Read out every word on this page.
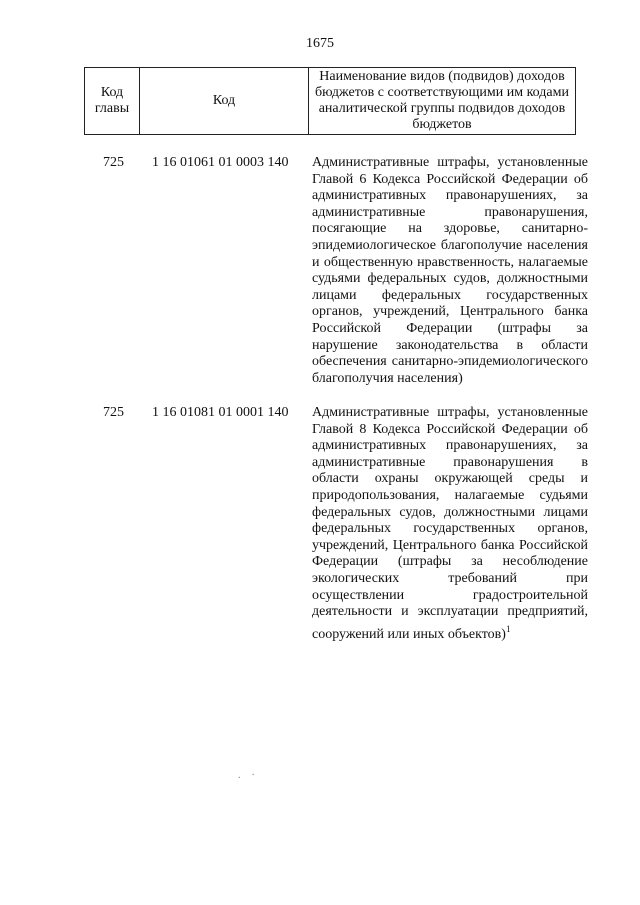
1675
Код главы	Код	Наименование видов (подвидов) доходов бюджетов с соответствующими им кодами аналитической группы подвидов доходов бюджетов
725	1 16 01061 01 0003 140 Административные штрафы, установленные Главой 6 Кодекса Российской Федерации об административных правонарушениях, за административные правонарушения, посягающие на здоровье, санитарно-эпидемиологическое благополучие населения и общественную нравственность, налагаемые судьями федеральных судов, должностными лицами федеральных государственных органов, учреждений, Центрального банка Российской Федерации (штрафы за нарушение законодательства в области обеспечения санитарно-эпидемиологического благополучия населения)
725	1 16 01081 01 0001 140 Административные штрафы, установленные Главой 8 Кодекса Российской Федерации об административных правонарушениях, за административные правонарушения в области охраны окружающей среды и природопользования, налагаемые судьями федеральных судов, должностными лицами федеральных государственных органов, учреждений, Центрального банка Российской Федерации (штрафы за несоблюдение экологических требований при осуществлении градостроительной деятельности и эксплуатации предприятий, сооружений или иных объектов)$^1$
.  ·
